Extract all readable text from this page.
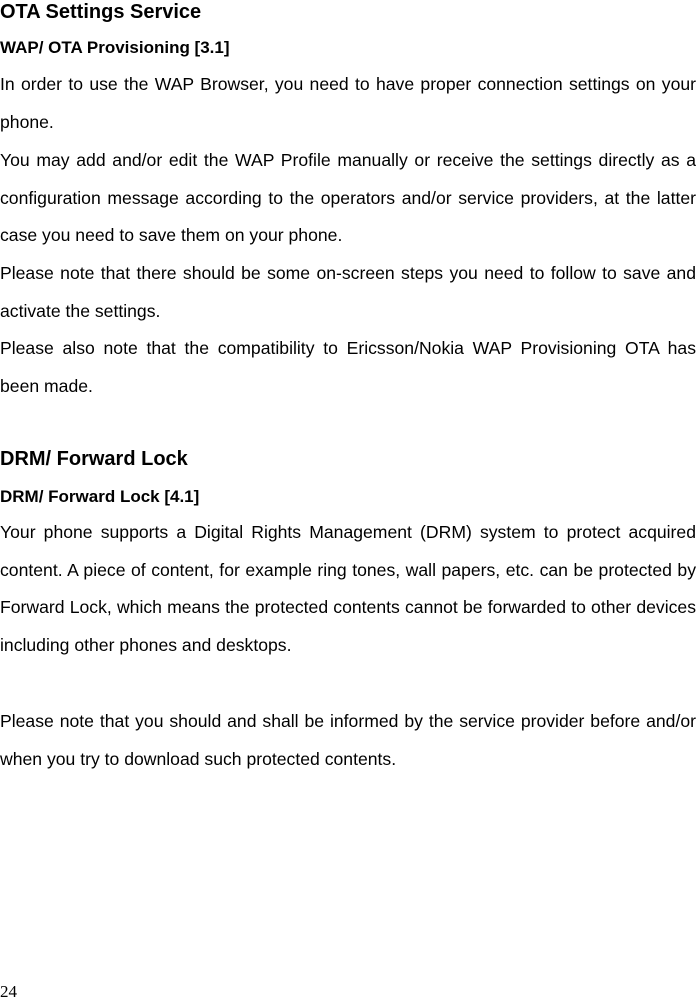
OTA Settings Service
WAP/ OTA Provisioning [3.1]

In order to use the WAP Browser, you need to have proper connection settings on your phone.

You may add and/or edit the WAP Profile manually or receive the settings directly as a configuration message according to the operators and/or service providers, at the latter case you need to save them on your phone.

Please note that there should be some on-screen steps you need to follow to save and activate the settings.

Please also note that the compatibility to Ericsson/Nokia WAP Provisioning OTA has been made.

DRM/ Forward Lock
DRM/ Forward Lock [4.1]

Your phone supports a Digital Rights Management (DRM) system to protect acquired content. A piece of content, for example ring tones, wall papers, etc. can be protected by Forward Lock, which means the protected contents cannot be forwarded to other devices including other phones and desktops.

Please note that you should and shall be informed by the service provider before and/or when you try to download such protected contents.

24
